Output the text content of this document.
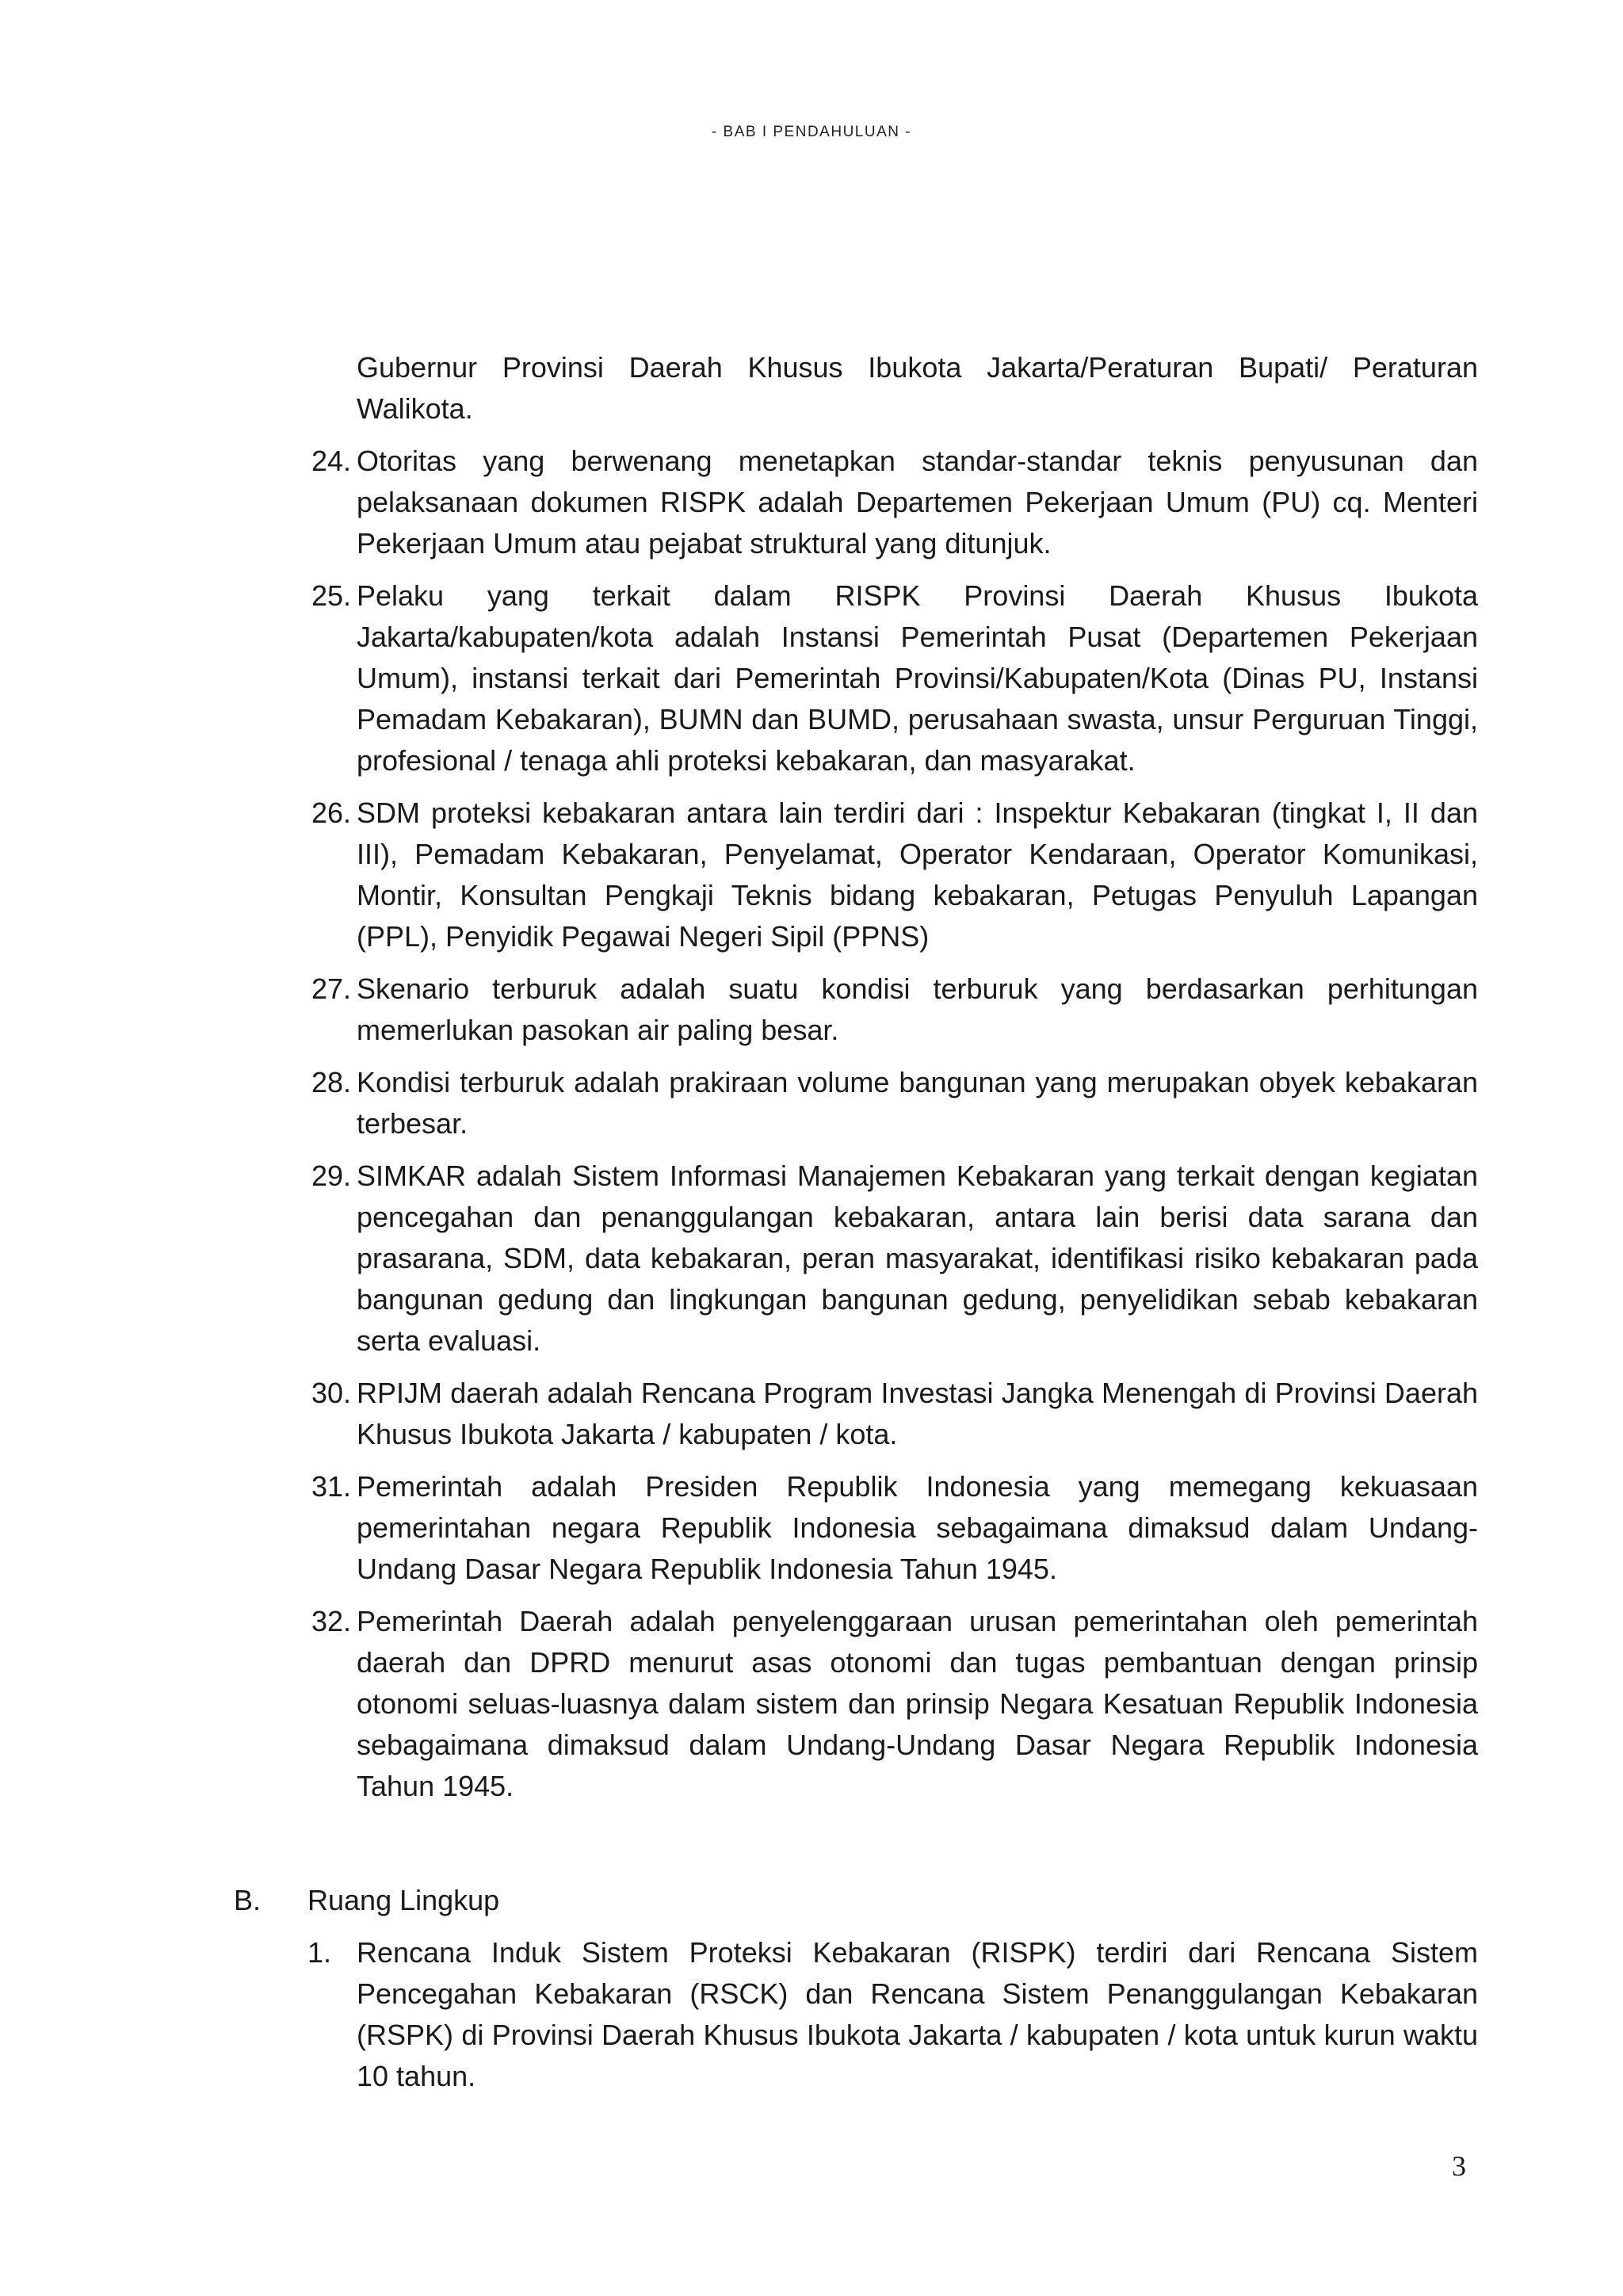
- BAB I PENDAHULUAN -
Gubernur Provinsi Daerah Khusus Ibukota Jakarta/Peraturan Bupati/ Peraturan Walikota.
24. Otoritas yang berwenang menetapkan standar-standar teknis penyusunan dan pelaksanaan dokumen RISPK adalah Departemen Pekerjaan Umum (PU) cq. Menteri Pekerjaan Umum atau pejabat struktural yang ditunjuk.
25. Pelaku yang terkait dalam RISPK Provinsi Daerah Khusus Ibukota Jakarta/kabupaten/kota adalah Instansi Pemerintah Pusat (Departemen Pekerjaan Umum), instansi terkait dari Pemerintah Provinsi/Kabupaten/Kota (Dinas PU, Instansi Pemadam Kebakaran), BUMN dan BUMD, perusahaan swasta, unsur Perguruan Tinggi, profesional / tenaga ahli proteksi kebakaran, dan masyarakat.
26. SDM proteksi kebakaran antara lain terdiri dari : Inspektur Kebakaran (tingkat I, II dan III), Pemadam Kebakaran, Penyelamat, Operator Kendaraan, Operator Komunikasi, Montir, Konsultan Pengkaji Teknis bidang kebakaran, Petugas Penyuluh Lapangan (PPL), Penyidik Pegawai Negeri Sipil (PPNS)
27. Skenario terburuk adalah suatu kondisi terburuk yang berdasarkan perhitungan memerlukan pasokan air paling besar.
28. Kondisi terburuk adalah prakiraan volume bangunan yang merupakan obyek kebakaran terbesar.
29. SIMKAR adalah Sistem Informasi Manajemen Kebakaran yang terkait dengan kegiatan pencegahan dan penanggulangan kebakaran, antara lain berisi data sarana dan prasarana, SDM, data kebakaran, peran masyarakat, identifikasi risiko kebakaran pada bangunan gedung dan lingkungan bangunan gedung, penyelidikan sebab kebakaran serta evaluasi.
30. RPIJM daerah adalah Rencana Program Investasi Jangka Menengah di Provinsi Daerah Khusus Ibukota Jakarta / kabupaten / kota.
31. Pemerintah adalah Presiden Republik Indonesia yang memegang kekuasaan pemerintahan negara Republik Indonesia sebagaimana dimaksud dalam Undang-Undang Dasar Negara Republik Indonesia Tahun 1945.
32. Pemerintah Daerah adalah penyelenggaraan urusan pemerintahan oleh pemerintah daerah dan DPRD menurut asas otonomi dan tugas pembantuan dengan prinsip otonomi seluas-luasnya dalam sistem dan prinsip Negara Kesatuan Republik Indonesia sebagaimana dimaksud dalam Undang-Undang Dasar Negara Republik Indonesia Tahun 1945.
B. Ruang Lingkup
1. Rencana Induk Sistem Proteksi Kebakaran (RISPK) terdiri dari Rencana Sistem Pencegahan Kebakaran (RSCK) dan Rencana Sistem Penanggulangan Kebakaran (RSPK) di Provinsi Daerah Khusus Ibukota Jakarta / kabupaten / kota untuk kurun waktu 10 tahun.
3
